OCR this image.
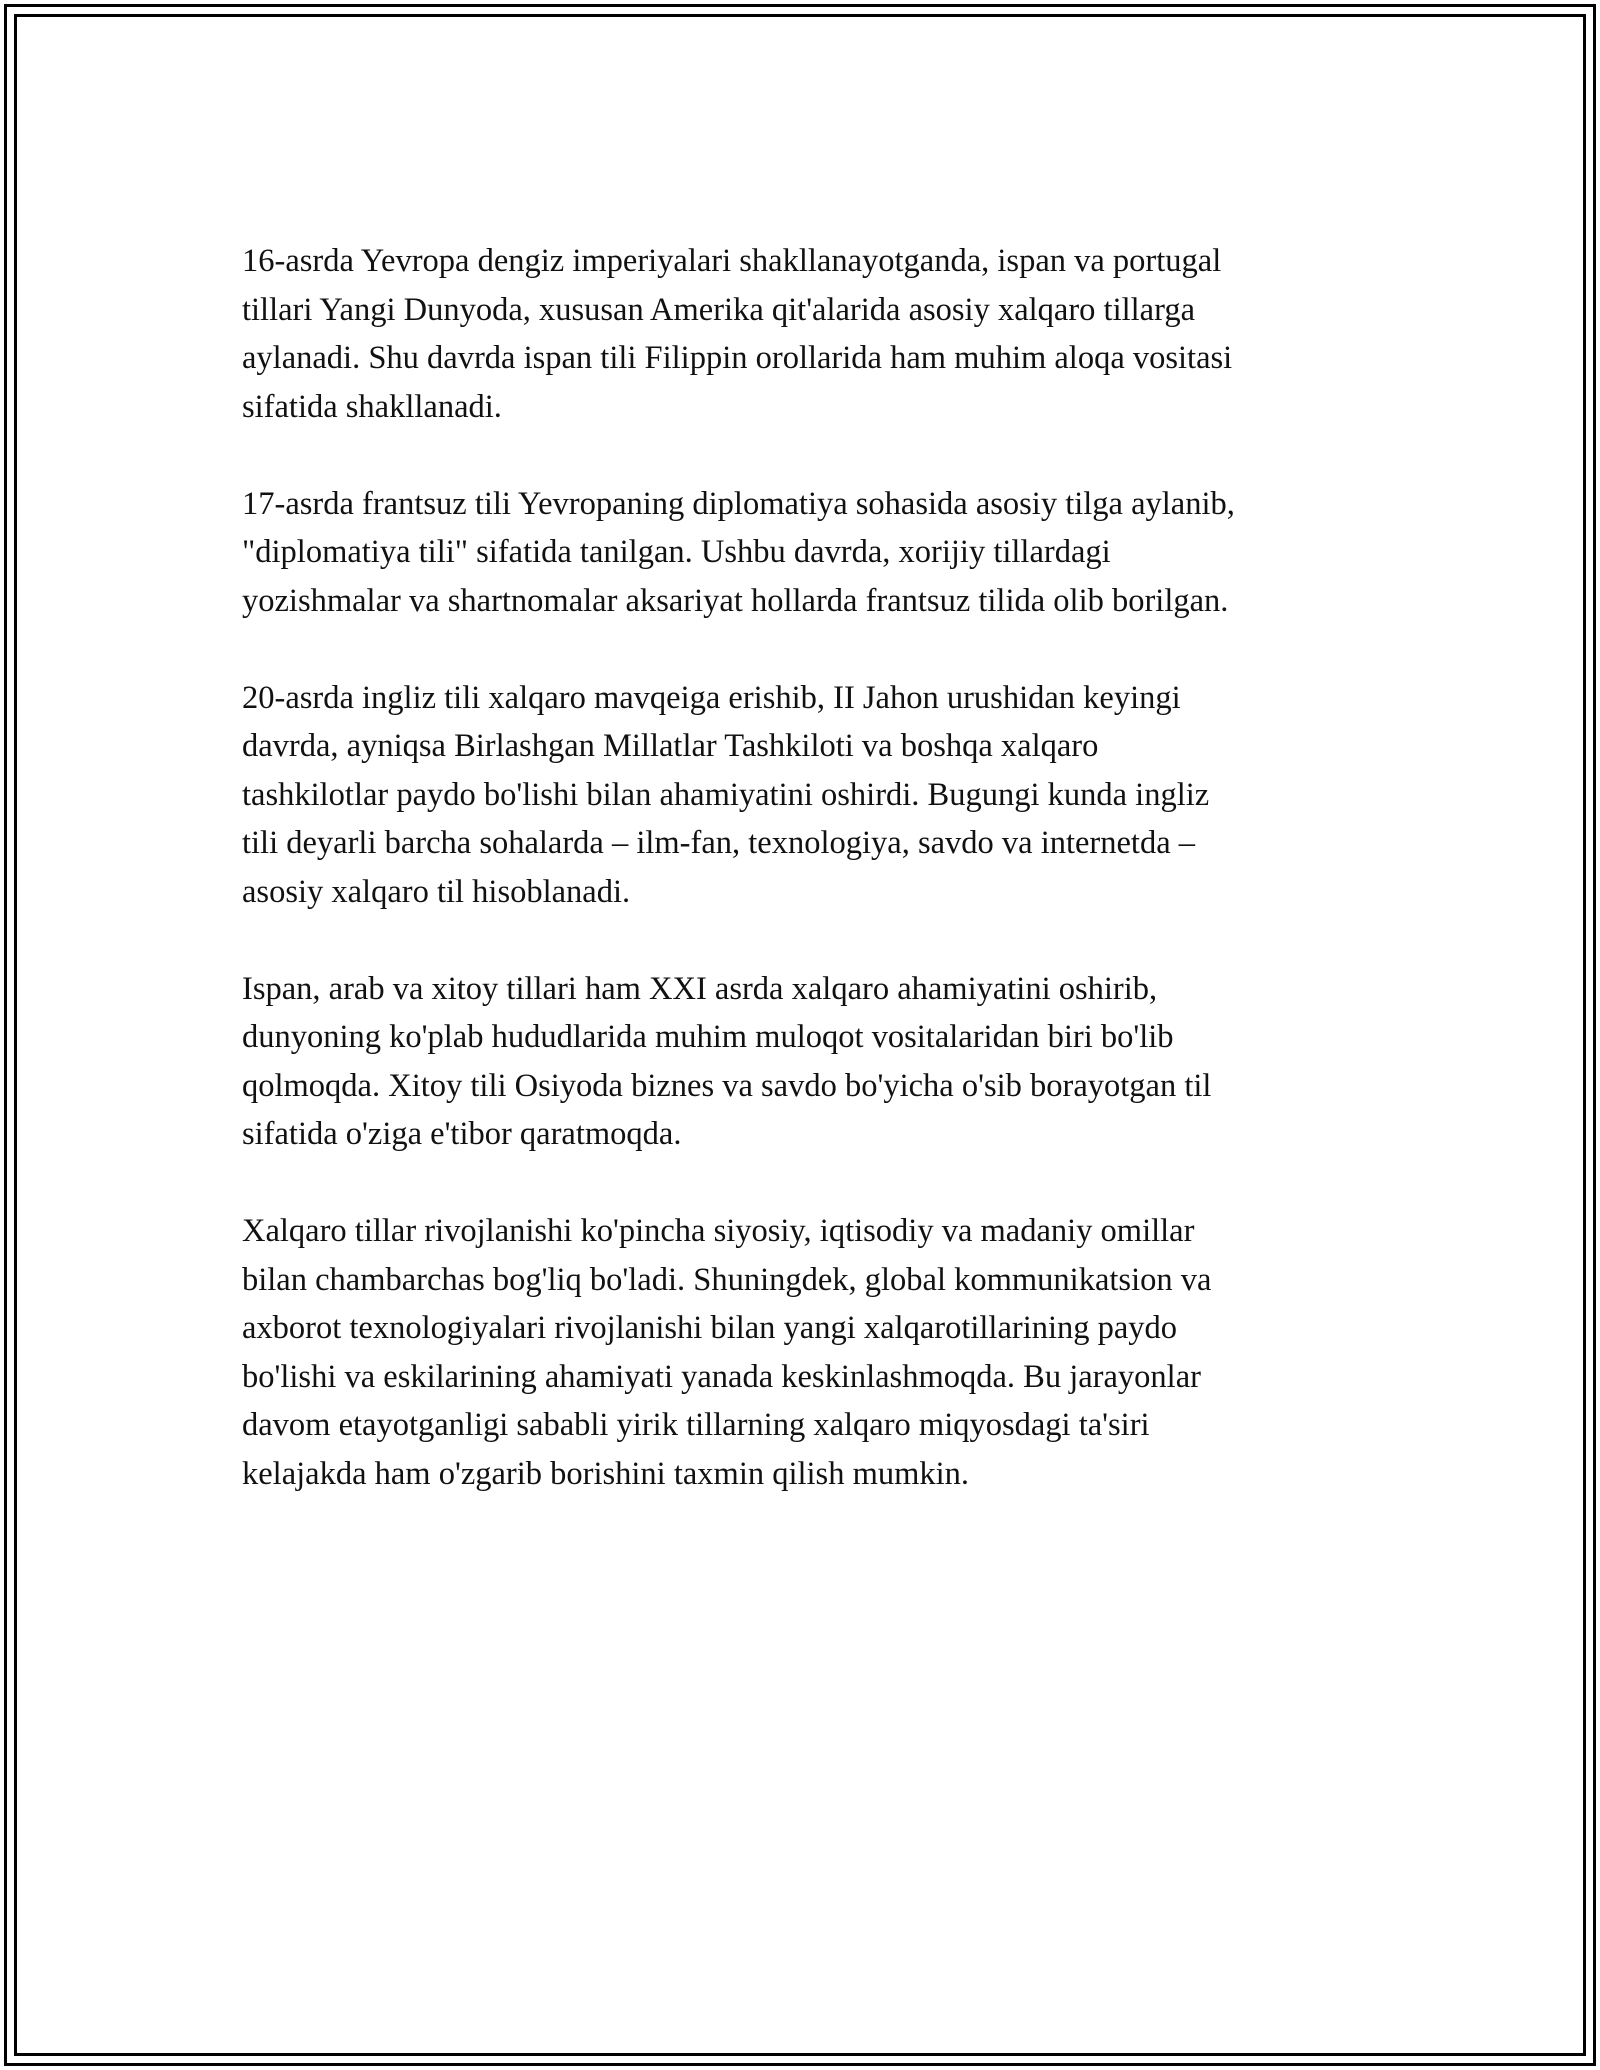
16-asrda Yevropa dengiz imperiyalari shakllanayotganda, ispan va portugal
tillari Yangi Dunyoda, xususan Amerika qit'alarida asosiy xalqaro tillarga
aylanadi. Shu davrda ispan tili Filippin orollarida ham muhim aloqa vositasi
sifatida shakllanadi.

17-asrda frantsuz tili Yevropaning diplomatiya sohasida asosiy tilga aylanib,
"diplomatiya tili" sifatida tanilgan. Ushbu davrda, xorijiy tillardagi
yozishmalar va shartnomalar aksariyat hollarda frantsuz tilida olib borilgan.

20-asrda ingliz tili xalqaro mavqeiga erishib, II Jahon urushidan keyingi
davrda, ayniqsa Birlashgan Millatlar Tashkiloti va boshqa xalqaro
tashkilotlar paydo bo'lishi bilan ahamiyatini oshirdi. Bugungi kunda ingliz
tili deyarli barcha sohalarda – ilm-fan, texnologiya, savdo va internetda –
asosiy xalqaro til hisoblanadi.

Ispan, arab va xitoy tillari ham XXI asrda xalqaro ahamiyatini oshirib,
dunyoning ko'plab hududlarida muhim muloqot vositalaridan biri bo'lib
qolmoqda. Xitoy tili Osiyoda biznes va savdo bo'yicha o'sib borayotgan til
sifatida o'ziga e'tibor qaratmoqda.

Xalqaro tillar rivojlanishi ko'pincha siyosiy, iqtisodiy va madaniy omillar
bilan chambarchas bog'liq bo'ladi. Shuningdek, global kommunikatsion va
axborot texnologiyalari rivojlanishi bilan yangi xalqarotillarining paydo
bo'lishi va eskilarining ahamiyati yanada keskinlashmoqda. Bu jarayonlar
davom etayotganligi sababli yirik tillarning xalqaro miqyosdagi ta'siri
kelajakda ham o'zgarib borishini taxmin qilish mumkin.
